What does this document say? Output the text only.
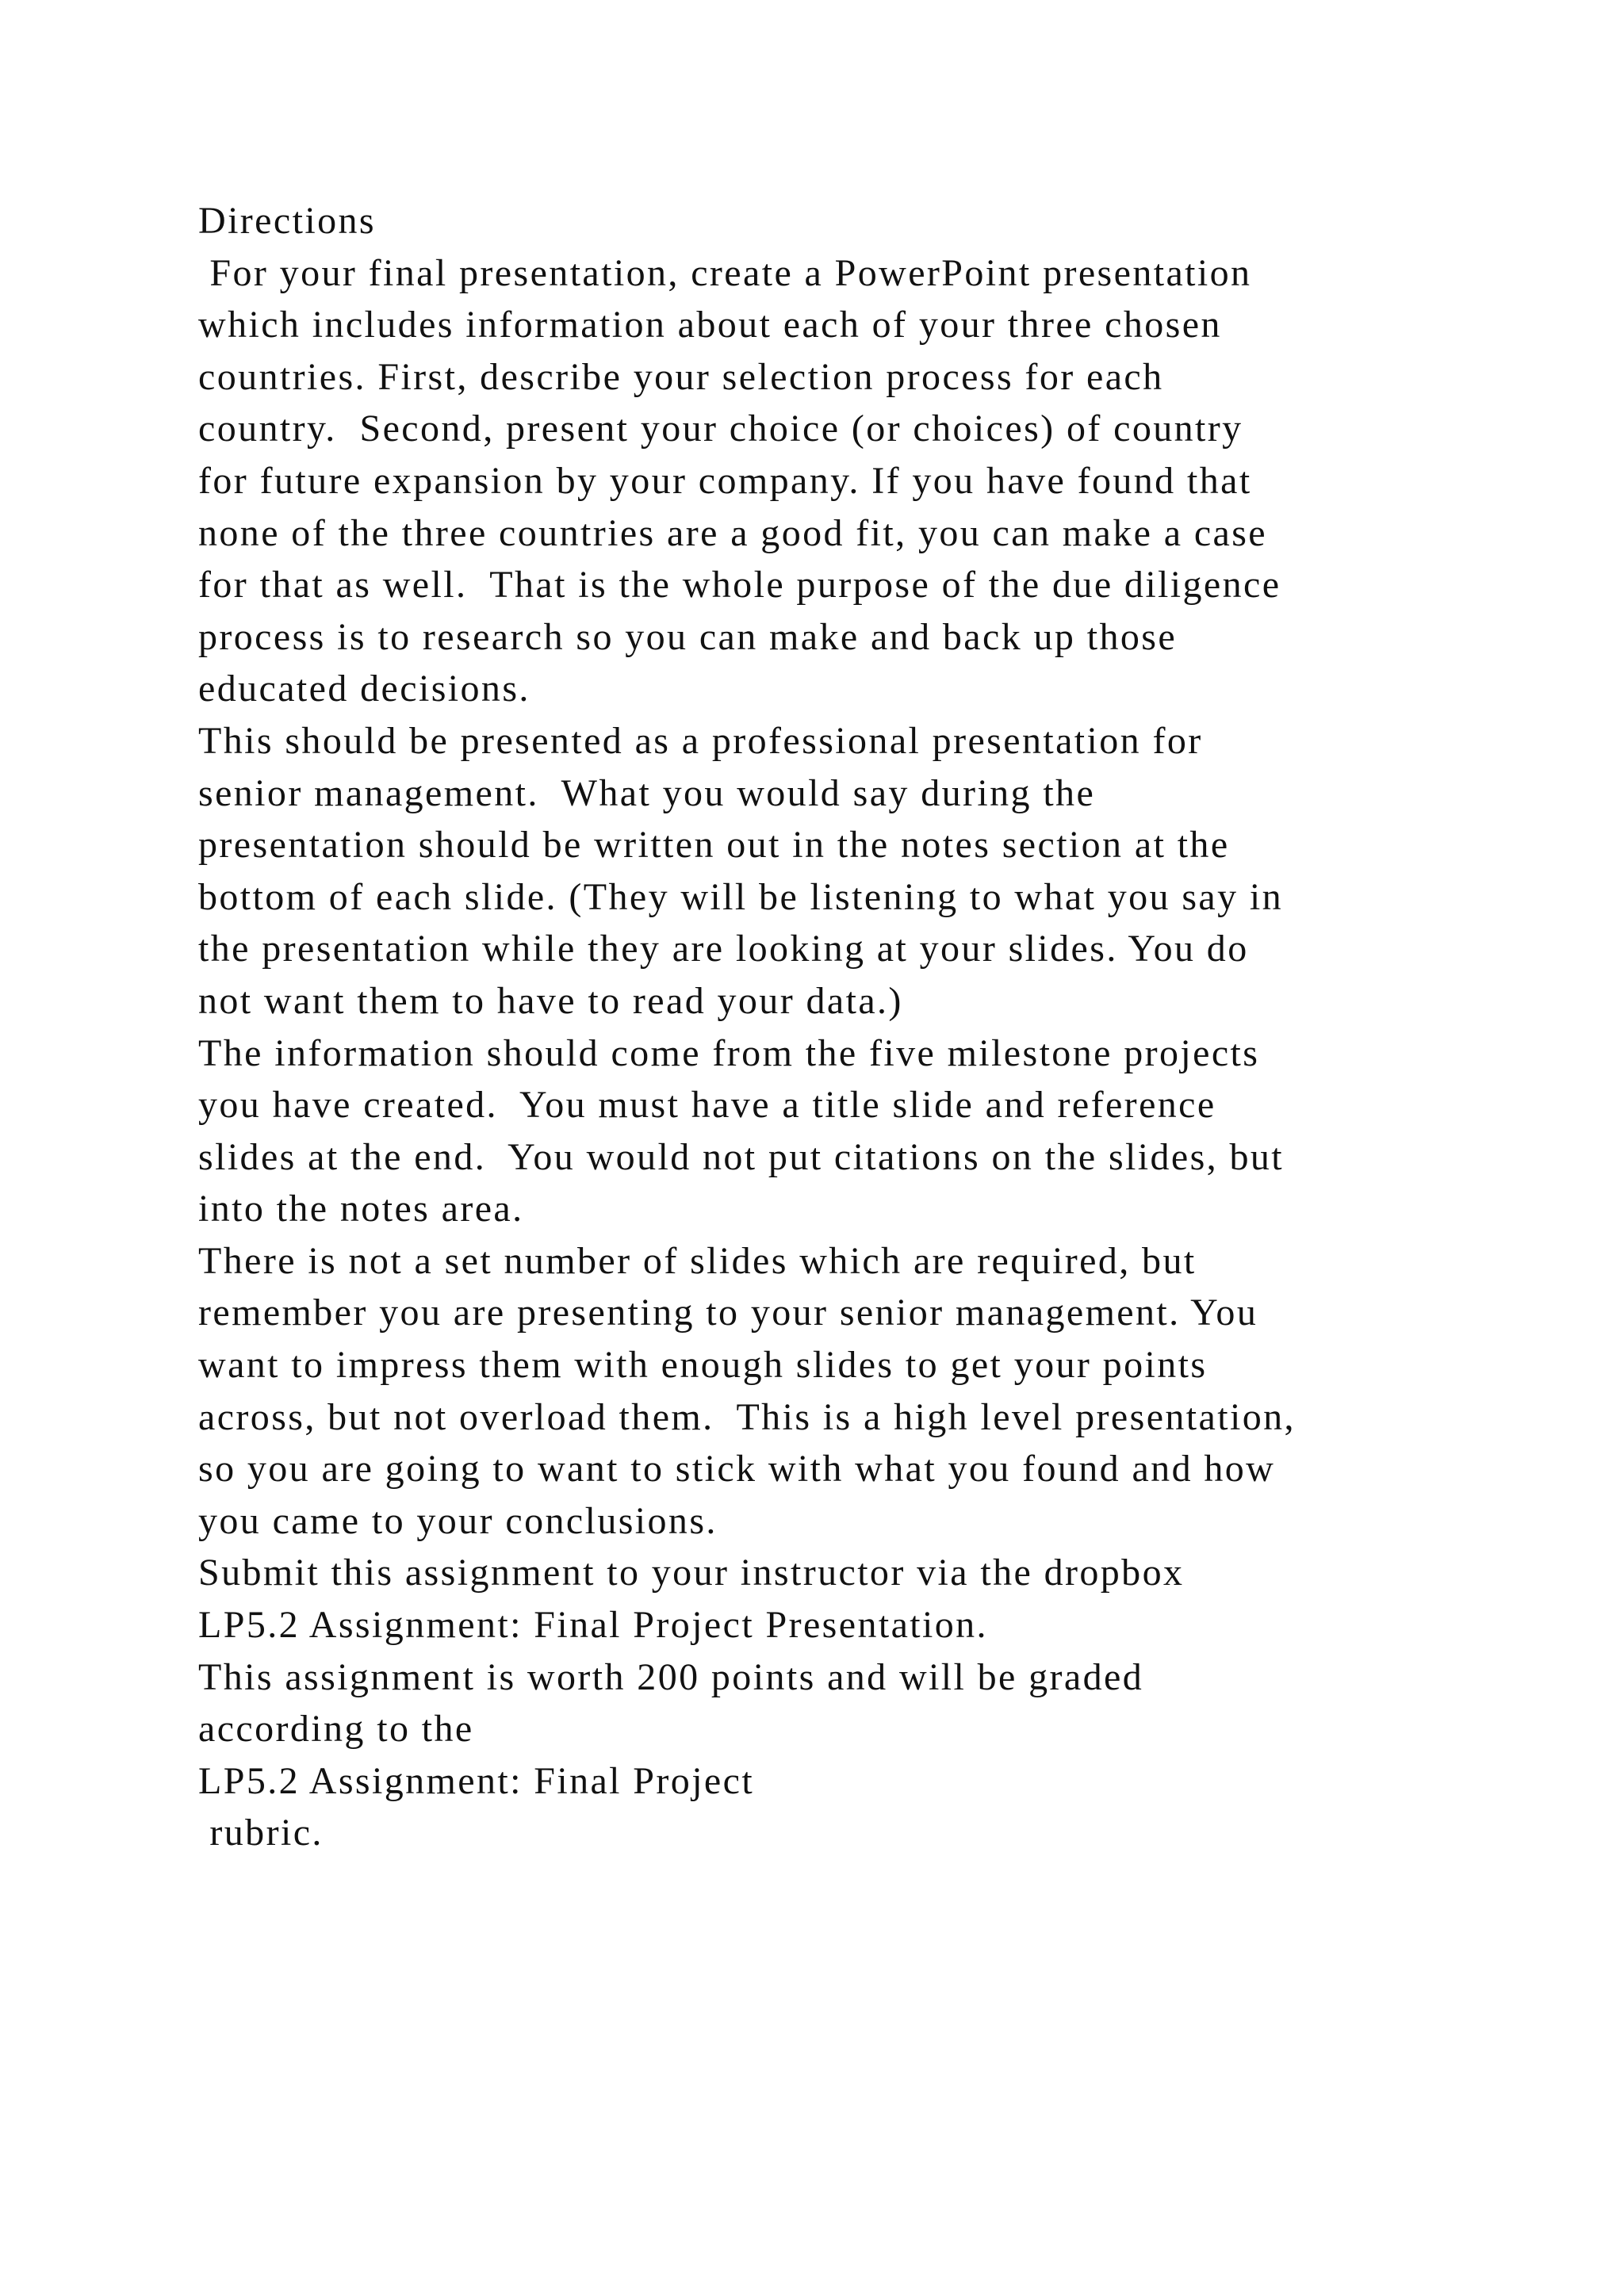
Directions
For your final presentation, create a PowerPoint presentation
which includes information about each of your three chosen
countries. First, describe your selection process for each
country.  Second, present your choice (or choices) of country
for future expansion by your company. If you have found that
none of the three countries are a good fit, you can make a case
for that as well.  That is the whole purpose of the due diligence
process is to research so you can make and back up those
educated decisions.
This should be presented as a professional presentation for
senior management.  What you would say during the
presentation should be written out in the notes section at the
bottom of each slide. (They will be listening to what you say in
the presentation while they are looking at your slides. You do
not want them to have to read your data.)
The information should come from the five milestone projects
you have created.  You must have a title slide and reference
slides at the end.  You would not put citations on the slides, but
into the notes area.
There is not a set number of slides which are required, but
remember you are presenting to your senior management. You
want to impress them with enough slides to get your points
across, but not overload them.  This is a high level presentation,
so you are going to want to stick with what you found and how
you came to your conclusions.
Submit this assignment to your instructor via the dropbox
LP5.2 Assignment: Final Project Presentation.
This assignment is worth 200 points and will be graded
according to the
LP5.2 Assignment: Final Project
rubric.
